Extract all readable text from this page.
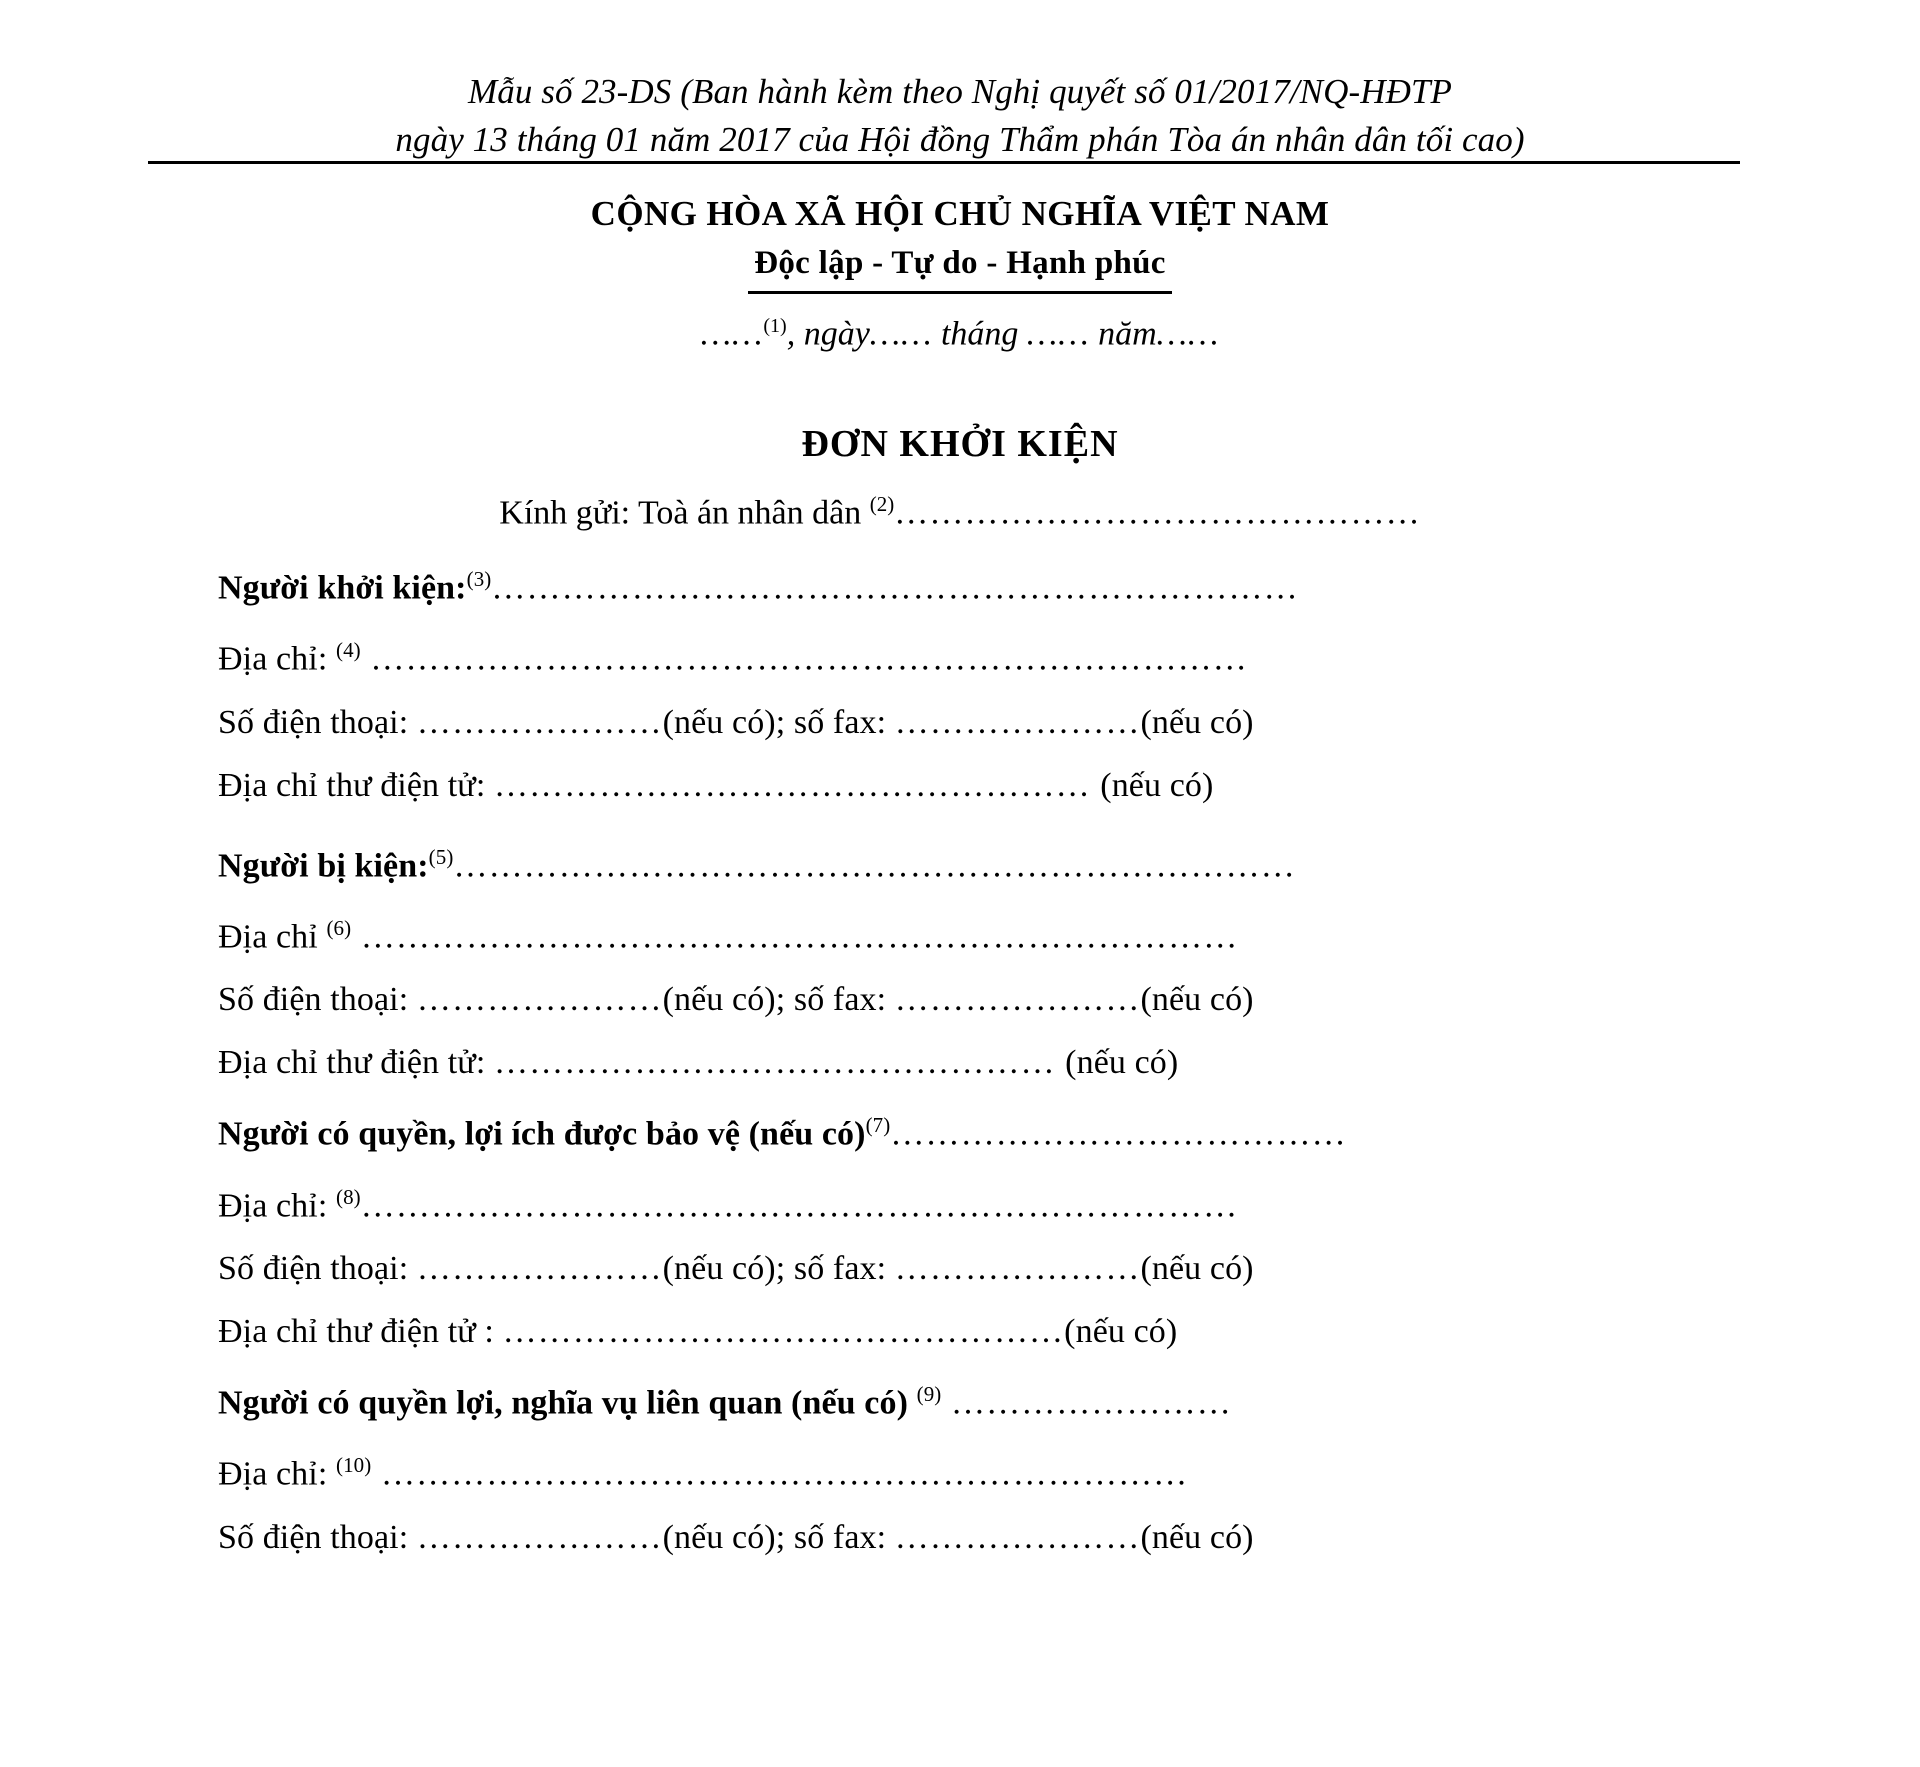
Mẫu số 23-DS (Ban hành kèm theo Nghị quyết số 01/2017/NQ-HĐTP
ngày 13 tháng 01 năm 2017 của Hội đồng Thẩm phán Tòa án nhân dân tối cao)
CỘNG HÒA XÃ HỘI CHỦ NGHĨA VIỆT NAM
Độc lập - Tự do - Hạnh phúc
……$^{(1)}$, ngày…… tháng …… năm……
ĐƠN KHỞI KIỆN
Kính gửi: Toà án nhân dân $^{(2)}$………………………………………
Người khởi kiện:$^{(3)}$……………………………………………………………
Địa chỉ: $^{(4)}$ …………………………………………………………………
Số điện thoại: …………………(nếu có); số fax: …………………(nếu có)
Địa chỉ thư điện tử: …………………………………………… (nếu có)
Người bị kiện:$^{(5)}$………………………………………………………………
Địa chỉ $^{(6)}$ …………………………………………………………………
Số điện thoại: …………………(nếu có); số fax: …………………(nếu có)
Địa chỉ thư điện tử: ………………………………………… (nếu có)
Người có quyền, lợi ích được bảo vệ (nếu có)$^{(7)}$…………………………………
Địa chỉ: $^{(8)}$…………………………………………………………………
Số điện thoại: …………………(nếu có); số fax: …………………(nếu có)
Địa chỉ thư điện tử : …………………………………………(nếu có)
Người có quyền lợi, nghĩa vụ liên quan (nếu có) $^{(9)}$ ……………………
Địa chỉ: $^{(10)}$ ……………………………………………………………
Số điện thoại: …………………(nếu có); số fax: …………………(nếu có)
